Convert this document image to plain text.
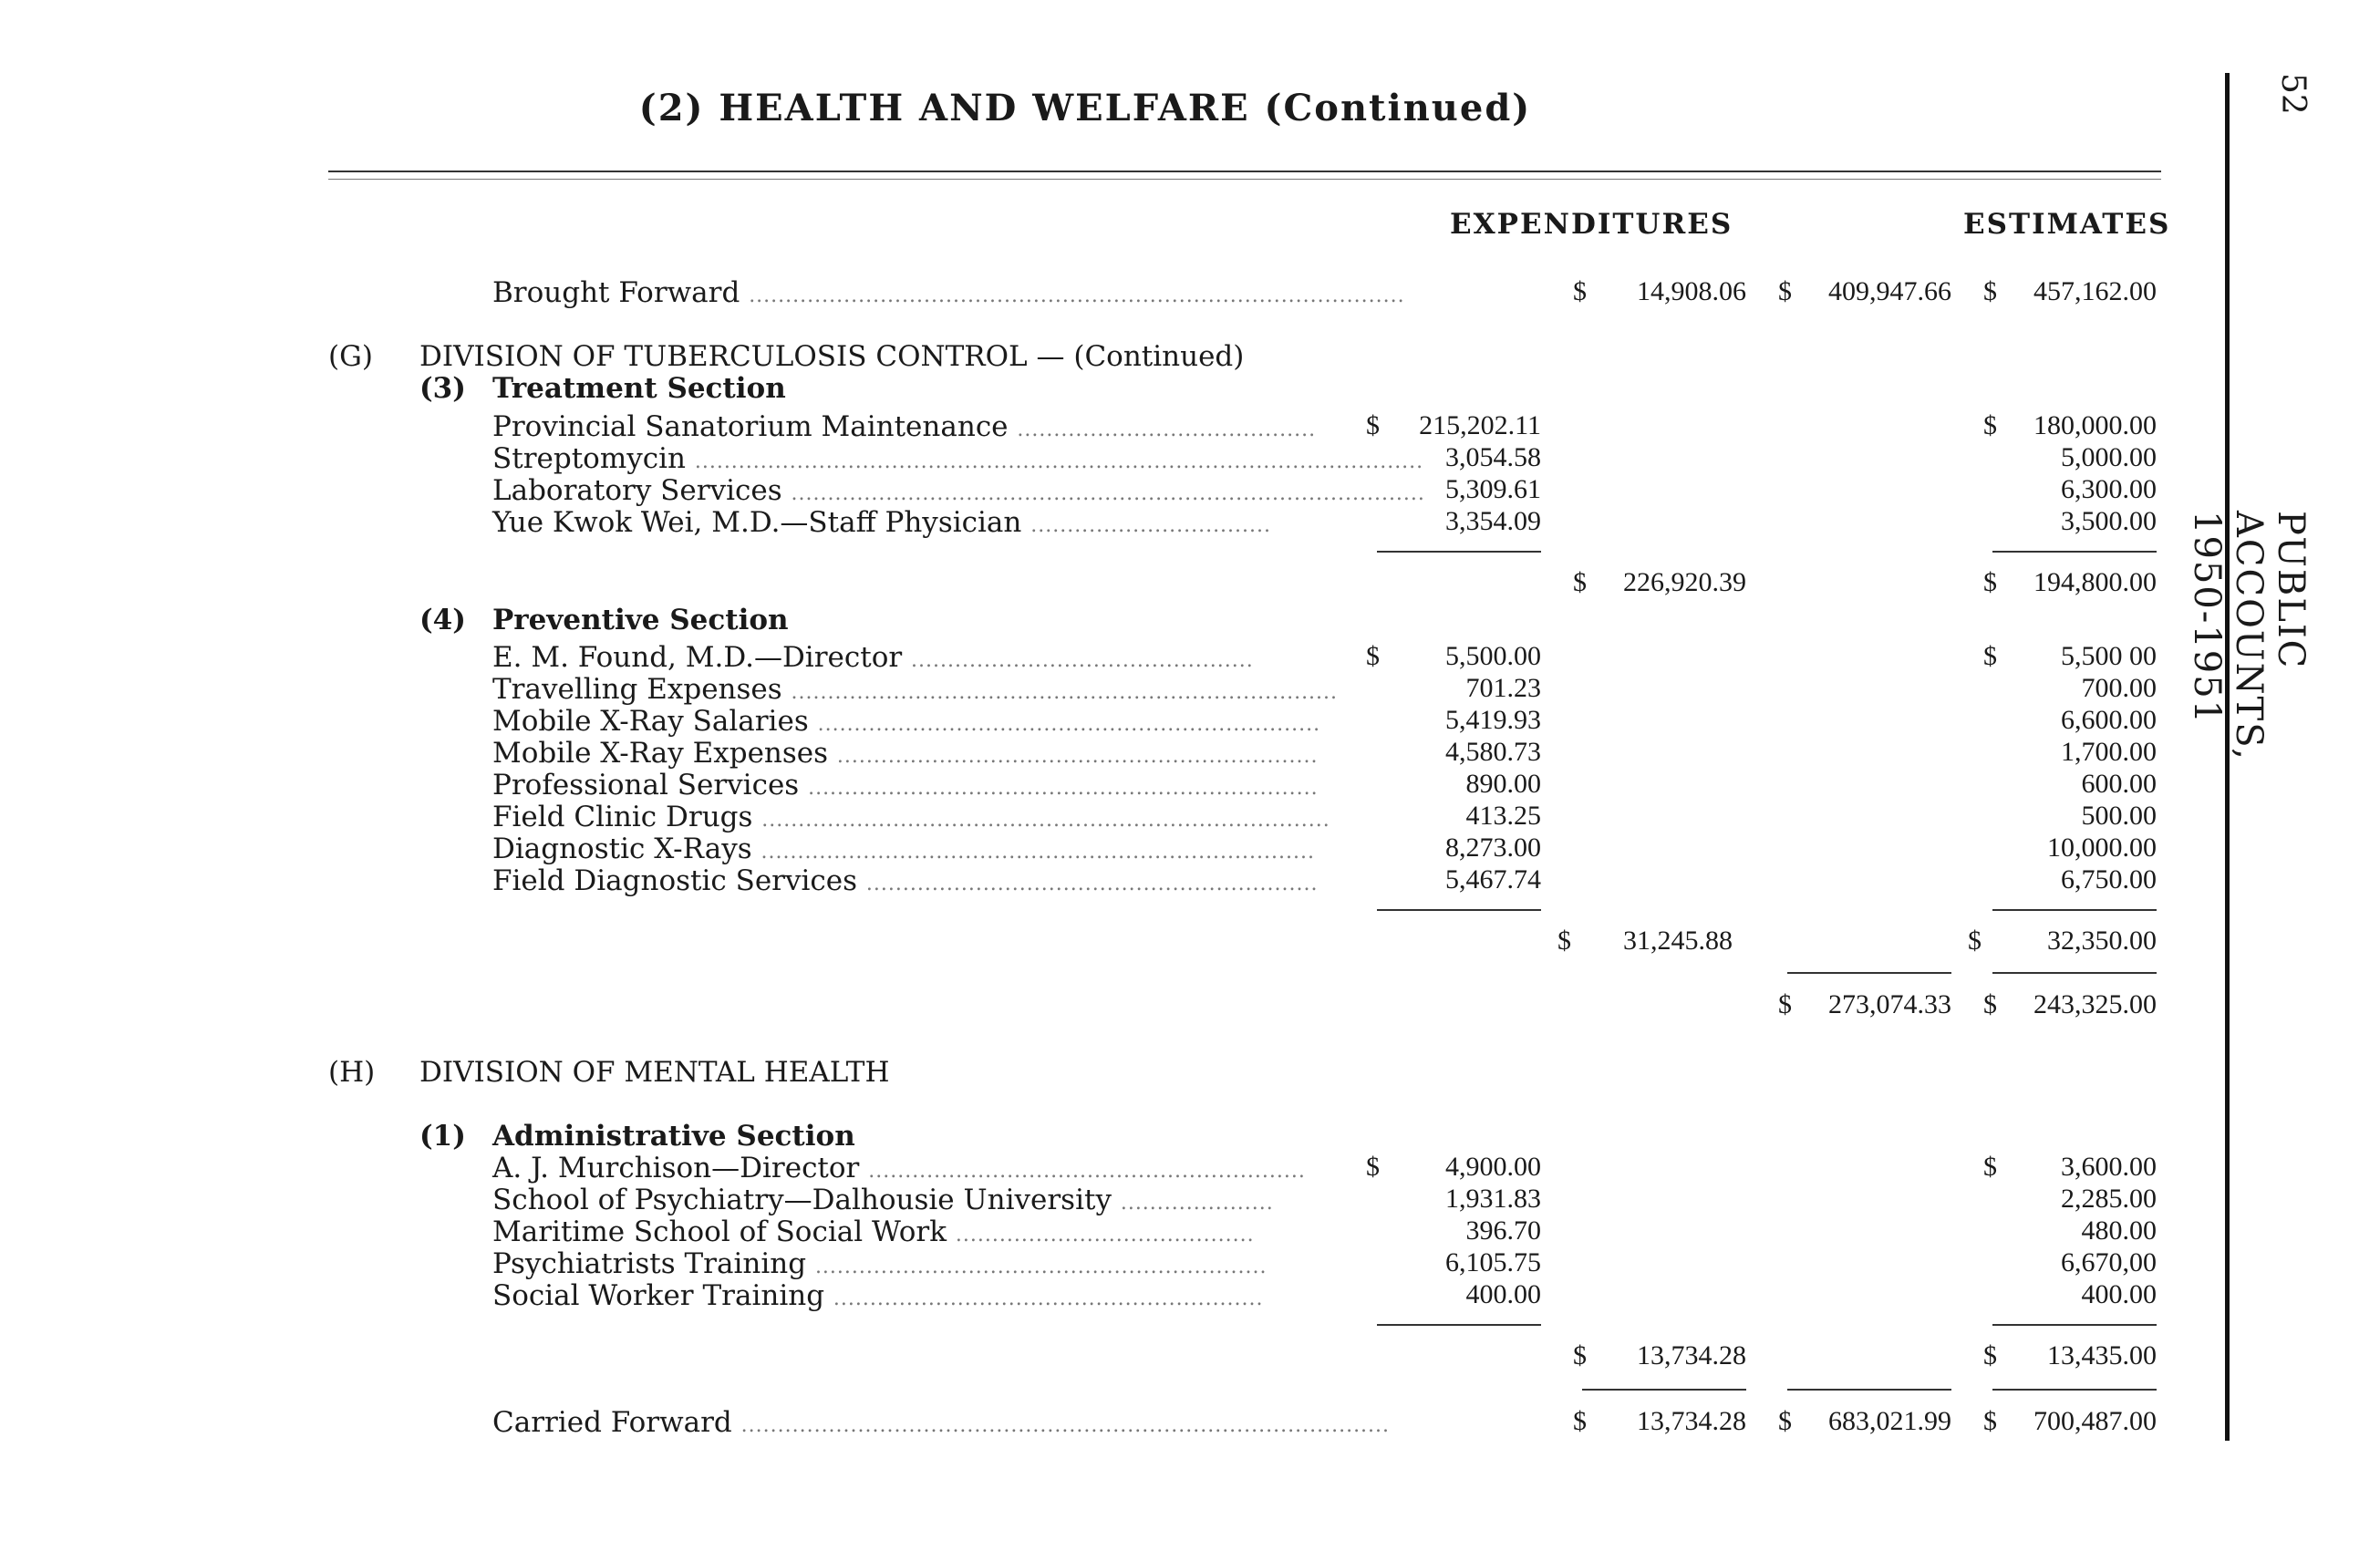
(2) HEALTH AND WELFARE (Continued)
EXPENDITURES	ESTIMATES
52
PUBLIC ACCOUNTS, 1950-1951
Brought Forward ..........................................................................................	$	14,908.06 $	409,947.66 $	457,162.00
(G) DIVISION OF TUBERCULOSIS CONTROL — (Continued)
(3) Treatment Section
Provincial Sanatorium Maintenance ......................................... $	215,202.11	$	180,000.00
Streptomycin .................................................................................................... 3,054.58	5,000.00
Laboratory Services ....................................................................................... 5,309.61	6,300.00
Yue Kwok Wei, M.D.—Staff Physician .................................	3,354.09	3,500.00
$	226,920.39	$	194,800.00
(4) Preventive Section
E. M. Found, M.D.—Director ...............................................	$	5,500.00	$	5,500 00
Travelling Expenses ...........................................................................	701.23	700.00
Mobile X-Ray Salaries .....................................................................	5,419.93	6,600.00
Mobile X-Ray Expenses ..................................................................	4,580.73	1,700.00
Professional Services ......................................................................	890.00	600.00
Field Clinic Drugs ..............................................................................	413.25	500.00
Diagnostic X-Rays ............................................................................	8,273.00	10,000.00
Field Diagnostic Services ..............................................................	5,467.74	6,750.00
$	31,245.88	$	32,350.00
$	273,074.33 $	243,325.00
(H) DIVISION OF MENTAL HEALTH
(1) Administrative Section
A. J. Murchison—Director ............................................................ $	4,900.00	$	3,600.00
School of Psychiatry—Dalhousie University .....................	1,931.83	2,285.00
Maritime School of Social Work .........................................	396.70	480.00
Psychiatrists Training ..............................................................	6,105.75	6,670,00
Social Worker Training ...........................................................	400.00	400.00
$	13,734.28	$	13,435.00
Carried Forward .........................................................................................	$	13,734.28 $	683,021.99 $	700,487.00
